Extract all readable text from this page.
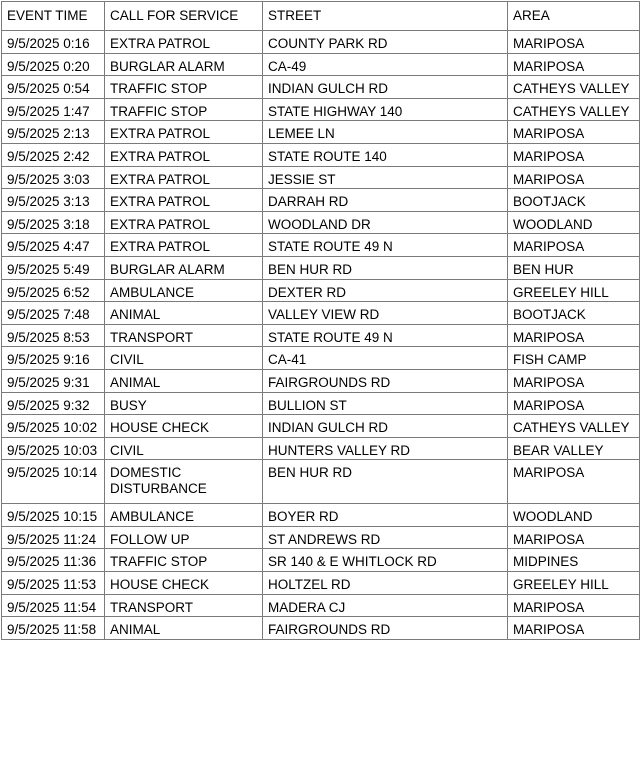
EVENT TIME	CALL FOR SERVICE	STREET	AREA
9/5/2025 0:16	EXTRA PATROL	COUNTY PARK RD	MARIPOSA
9/5/2025 0:20	BURGLAR ALARM	CA-49	MARIPOSA
9/5/2025 0:54	TRAFFIC STOP	INDIAN GULCH RD	CATHEYS VALLEY
9/5/2025 1:47	TRAFFIC STOP	STATE HIGHWAY 140	CATHEYS VALLEY
9/5/2025 2:13	EXTRA PATROL	LEMEE LN	MARIPOSA
9/5/2025 2:42	EXTRA PATROL	STATE ROUTE 140	MARIPOSA
9/5/2025 3:03	EXTRA PATROL	JESSIE ST	MARIPOSA
9/5/2025 3:13	EXTRA PATROL	DARRAH RD	BOOTJACK
9/5/2025 3:18	EXTRA PATROL	WOODLAND DR	WOODLAND
9/5/2025 4:47	EXTRA PATROL	STATE ROUTE 49 N	MARIPOSA
9/5/2025 5:49	BURGLAR ALARM	BEN HUR RD	BEN HUR
9/5/2025 6:52	AMBULANCE	DEXTER RD	GREELEY HILL
9/5/2025 7:48	ANIMAL	VALLEY VIEW RD	BOOTJACK
9/5/2025 8:53	TRANSPORT	STATE ROUTE 49 N	MARIPOSA
9/5/2025 9:16	CIVIL	CA-41	FISH CAMP
9/5/2025 9:31	ANIMAL	FAIRGROUNDS RD	MARIPOSA
9/5/2025 9:32	BUSY	BULLION ST	MARIPOSA
9/5/2025 10:02	HOUSE CHECK	INDIAN GULCH RD	CATHEYS VALLEY
9/5/2025 10:03	CIVIL	HUNTERS VALLEY RD	BEAR VALLEY
9/5/2025 10:14	DOMESTIC DISTURBANCE	BEN HUR RD	MARIPOSA
9/5/2025 10:15	AMBULANCE	BOYER RD	WOODLAND
9/5/2025 11:24	FOLLOW UP	ST ANDREWS RD	MARIPOSA
9/5/2025 11:36	TRAFFIC STOP	SR 140 & E WHITLOCK RD	MIDPINES
9/5/2025 11:53	HOUSE CHECK	HOLTZEL RD	GREELEY HILL
9/5/2025 11:54	TRANSPORT	MADERA CJ	MARIPOSA
9/5/2025 11:58	ANIMAL	FAIRGROUNDS RD	MARIPOSA
